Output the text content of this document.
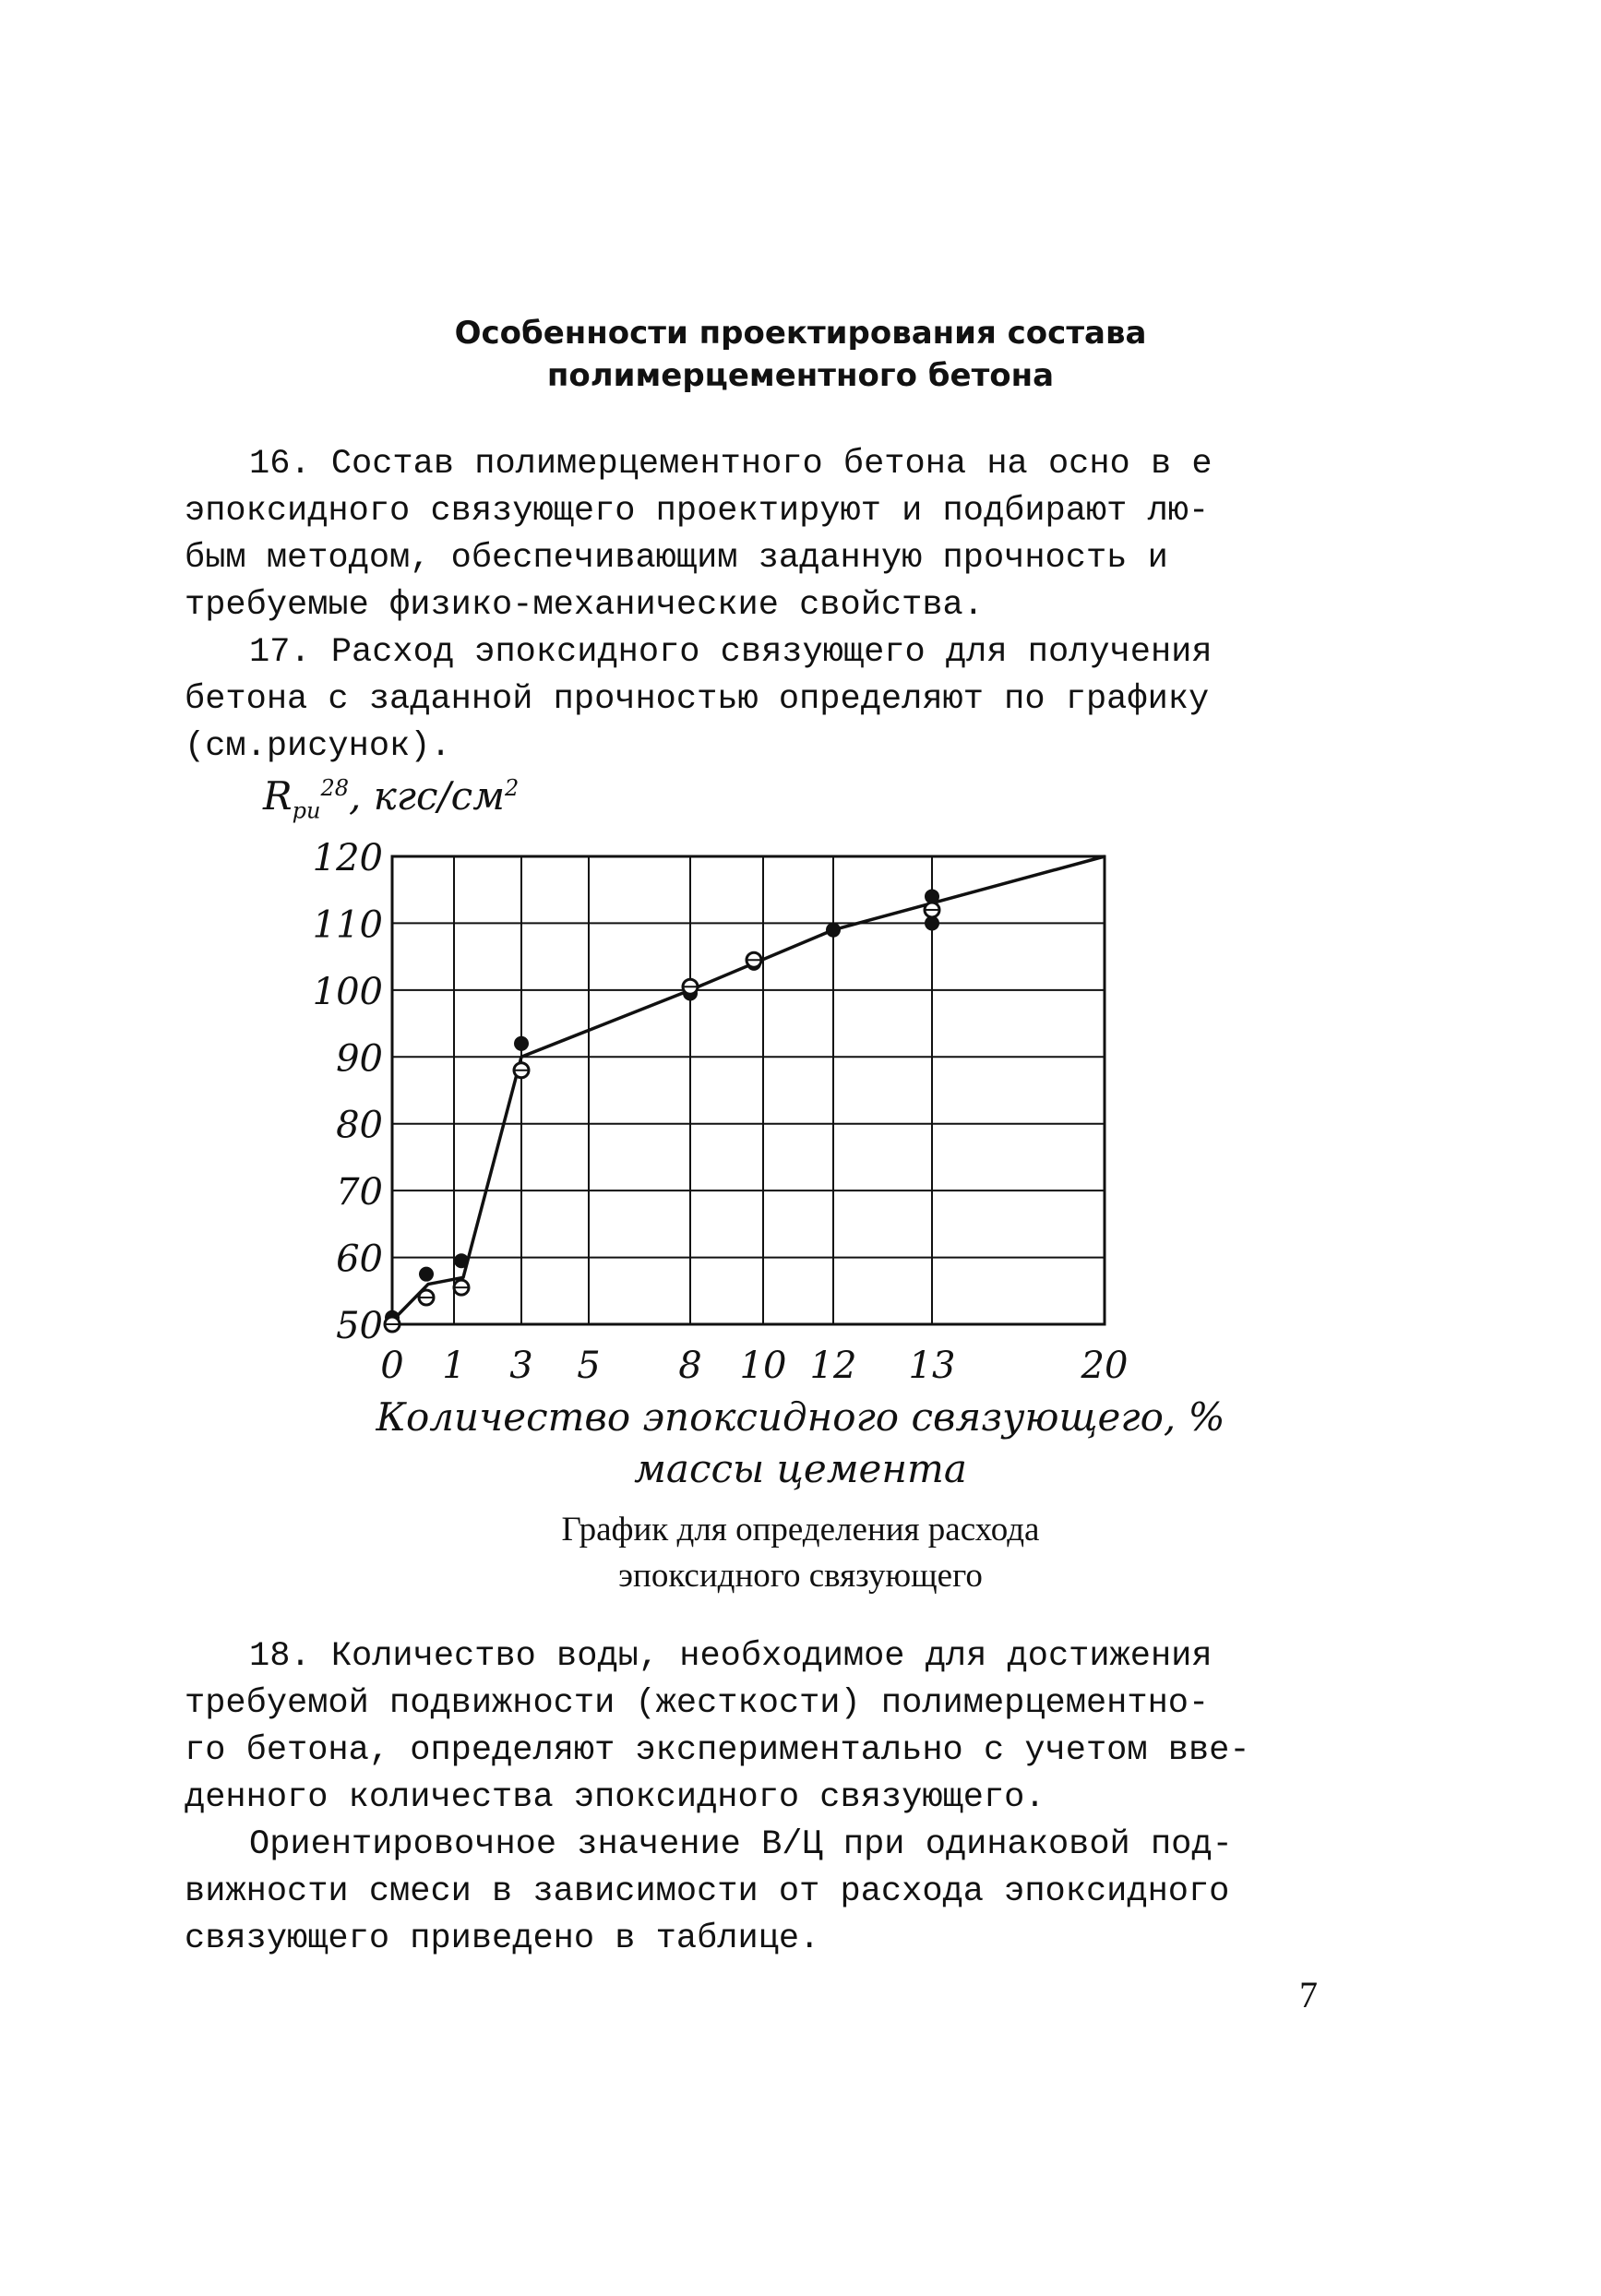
Особенности проектирования состава
полимерцементного бетона
16. Состав полимерцементного бетона на осно в е
эпоксидного связующего проектируют и подбирают лю-
бым методом, обеспечивающим заданную прочность и
требуемые физико-механические свойства.
17. Расход эпоксидного связующего для получения
бетона с заданной прочностью определяют по графику
(см.рисунок).
$R_{ри}^{28}$, кгс/$см^2$
50
60
70
80
90
100
110
120
0 1 3 5 8 10 12 13	20
Количество эпоксидного связующего, %
массы цемента
График для определения расхода
эпоксидного связующего
18. Количество воды, необходимое для достижения
требуемой подвижности (жесткости) полимерцементно-
го бетона, определяют экспериментально с учетом вве-
денного количества эпоксидного связующего.
Ориентировочное значение В/Ц при одинаковой под-
вижности смеси в зависимости от расхода эпоксидного
связующего приведено в таблице.
7
